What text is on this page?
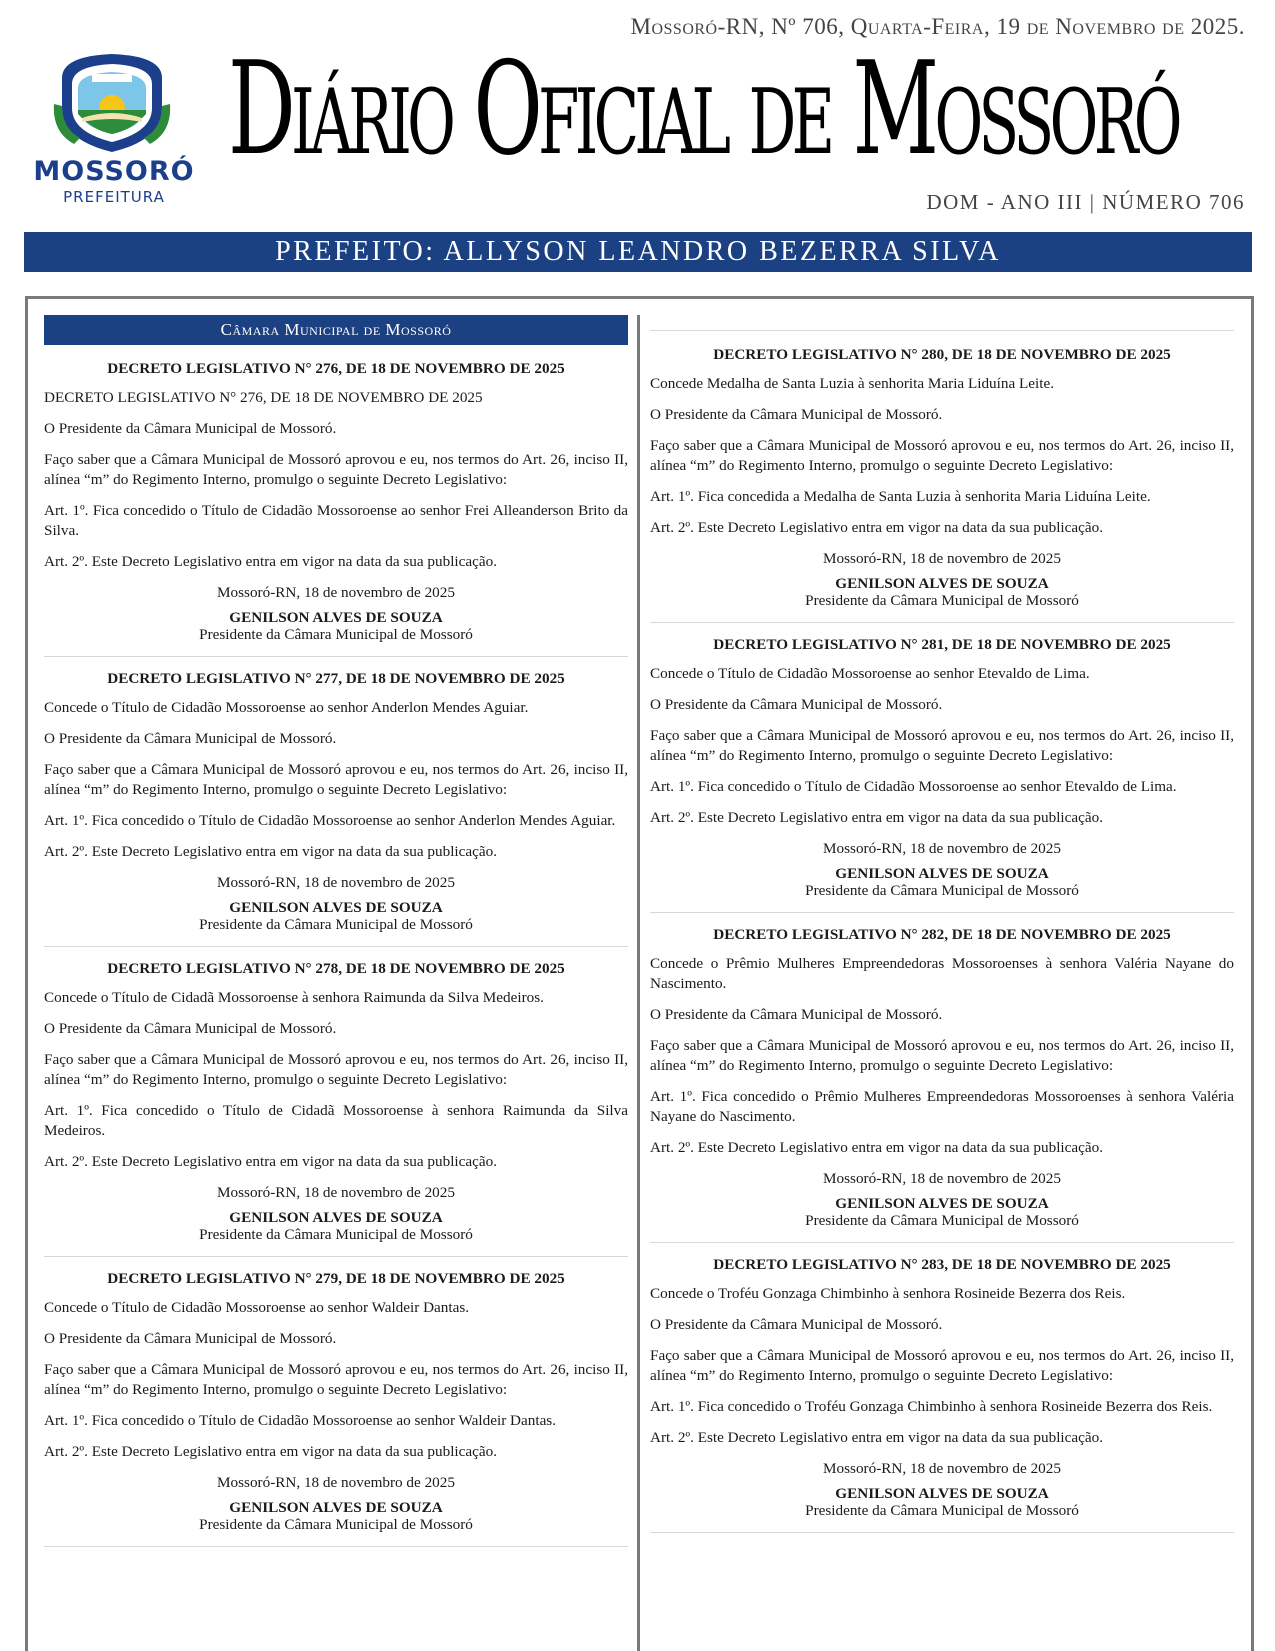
MOSSORÓ
PREFEITURA
Mossoró-RN, Nº 706, Quarta-Feira, 19 de Novembro de 2025.
Diário Oficial de Mossoró
DOM - ANO III | NÚMERO 706
PREFEITO: ALLYSON LEANDRO BEZERRA SILVA
Câmara Municipal de Mossoró
DECRETO LEGISLATIVO N° 276, DE 18 DE NOVEMBRO DE 2025

DECRETO LEGISLATIVO N° 276, DE 18 DE NOVEMBRO DE 2025

O Presidente da Câmara Municipal de Mossoró.

Faço saber que a Câmara Municipal de Mossoró aprovou e eu, nos termos do Art. 26, inciso II, alínea “m” do Regimento Interno, promulgo o seguinte Decreto Legislativo:

Art. 1º. Fica concedido o Título de Cidadão Mossoroense ao senhor Frei Alleanderson Brito da Silva.

Art. 2º. Este Decreto Legislativo entra em vigor na data da sua publicação.

Mossoró-RN, 18 de novembro de 2025
GENILSON ALVES DE SOUZA
Presidente da Câmara Municipal de Mossoró
DECRETO LEGISLATIVO N° 277, DE 18 DE NOVEMBRO DE 2025

Concede o Título de Cidadão Mossoroense ao senhor Anderlon Mendes Aguiar.

O Presidente da Câmara Municipal de Mossoró.

Faço saber que a Câmara Municipal de Mossoró aprovou e eu, nos termos do Art. 26, inciso II, alínea “m” do Regimento Interno, promulgo o seguinte Decreto Legislativo:

Art. 1º. Fica concedido o Título de Cidadão Mossoroense ao senhor Anderlon Mendes Aguiar.

Art. 2º. Este Decreto Legislativo entra em vigor na data da sua publicação.

Mossoró-RN, 18 de novembro de 2025
GENILSON ALVES DE SOUZA
Presidente da Câmara Municipal de Mossoró
DECRETO LEGISLATIVO N° 278, DE 18 DE NOVEMBRO DE 2025

Concede o Título de Cidadã Mossoroense à senhora Raimunda da Silva Medeiros.

O Presidente da Câmara Municipal de Mossoró.

Faço saber que a Câmara Municipal de Mossoró aprovou e eu, nos termos do Art. 26, inciso II, alínea “m” do Regimento Interno, promulgo o seguinte Decreto Legislativo:

Art. 1º. Fica concedido o Título de Cidadã Mossoroense à senhora Raimunda da Silva Medeiros.

Art. 2º. Este Decreto Legislativo entra em vigor na data da sua publicação.

Mossoró-RN, 18 de novembro de 2025
GENILSON ALVES DE SOUZA
Presidente da Câmara Municipal de Mossoró
DECRETO LEGISLATIVO N° 279, DE 18 DE NOVEMBRO DE 2025

Concede o Título de Cidadão Mossoroense ao senhor Waldeir Dantas.

O Presidente da Câmara Municipal de Mossoró.

Faço saber que a Câmara Municipal de Mossoró aprovou e eu, nos termos do Art. 26, inciso II, alínea “m” do Regimento Interno, promulgo o seguinte Decreto Legislativo:

Art. 1º. Fica concedido o Título de Cidadão Mossoroense ao senhor Waldeir Dantas.

Art. 2º. Este Decreto Legislativo entra em vigor na data da sua publicação.

Mossoró-RN, 18 de novembro de 2025
GENILSON ALVES DE SOUZA
Presidente da Câmara Municipal de Mossoró
DECRETO LEGISLATIVO N° 280, DE 18 DE NOVEMBRO DE 2025

Concede Medalha de Santa Luzia à senhorita Maria Liduína Leite.

O Presidente da Câmara Municipal de Mossoró.

Faço saber que a Câmara Municipal de Mossoró aprovou e eu, nos termos do Art. 26, inciso II, alínea “m” do Regimento Interno, promulgo o seguinte Decreto Legislativo:

Art. 1º. Fica concedida a Medalha de Santa Luzia à senhorita Maria Liduína Leite.

Art. 2º. Este Decreto Legislativo entra em vigor na data da sua publicação.

Mossoró-RN, 18 de novembro de 2025
GENILSON ALVES DE SOUZA
Presidente da Câmara Municipal de Mossoró
DECRETO LEGISLATIVO N° 281, DE 18 DE NOVEMBRO DE 2025

Concede o Título de Cidadão Mossoroense ao senhor Etevaldo de Lima.

O Presidente da Câmara Municipal de Mossoró.

Faço saber que a Câmara Municipal de Mossoró aprovou e eu, nos termos do Art. 26, inciso II, alínea “m” do Regimento Interno, promulgo o seguinte Decreto Legislativo:

Art. 1º. Fica concedido o Título de Cidadão Mossoroense ao senhor Etevaldo de Lima.

Art. 2º. Este Decreto Legislativo entra em vigor na data da sua publicação.

Mossoró-RN, 18 de novembro de 2025
GENILSON ALVES DE SOUZA
Presidente da Câmara Municipal de Mossoró
DECRETO LEGISLATIVO N° 282, DE 18 DE NOVEMBRO DE 2025

Concede o Prêmio Mulheres Empreendedoras Mossoroenses à senhora Valéria Nayane do Nascimento.

O Presidente da Câmara Municipal de Mossoró.

Faço saber que a Câmara Municipal de Mossoró aprovou e eu, nos termos do Art. 26, inciso II, alínea “m” do Regimento Interno, promulgo o seguinte Decreto Legislativo:

Art. 1º. Fica concedido o Prêmio Mulheres Empreendedoras Mossoroenses à senhora Valéria Nayane do Nascimento.

Art. 2º. Este Decreto Legislativo entra em vigor na data da sua publicação.

Mossoró-RN, 18 de novembro de 2025
GENILSON ALVES DE SOUZA
Presidente da Câmara Municipal de Mossoró
DECRETO LEGISLATIVO N° 283, DE 18 DE NOVEMBRO DE 2025

Concede o Troféu Gonzaga Chimbinho à senhora Rosineide Bezerra dos Reis.

O Presidente da Câmara Municipal de Mossoró.

Faço saber que a Câmara Municipal de Mossoró aprovou e eu, nos termos do Art. 26, inciso II, alínea “m” do Regimento Interno, promulgo o seguinte Decreto Legislativo:

Art. 1º. Fica concedido o Troféu Gonzaga Chimbinho à senhora Rosineide Bezerra dos Reis.

Art. 2º. Este Decreto Legislativo entra em vigor na data da sua publicação.

Mossoró-RN, 18 de novembro de 2025
GENILSON ALVES DE SOUZA
Presidente da Câmara Municipal de Mossoró
